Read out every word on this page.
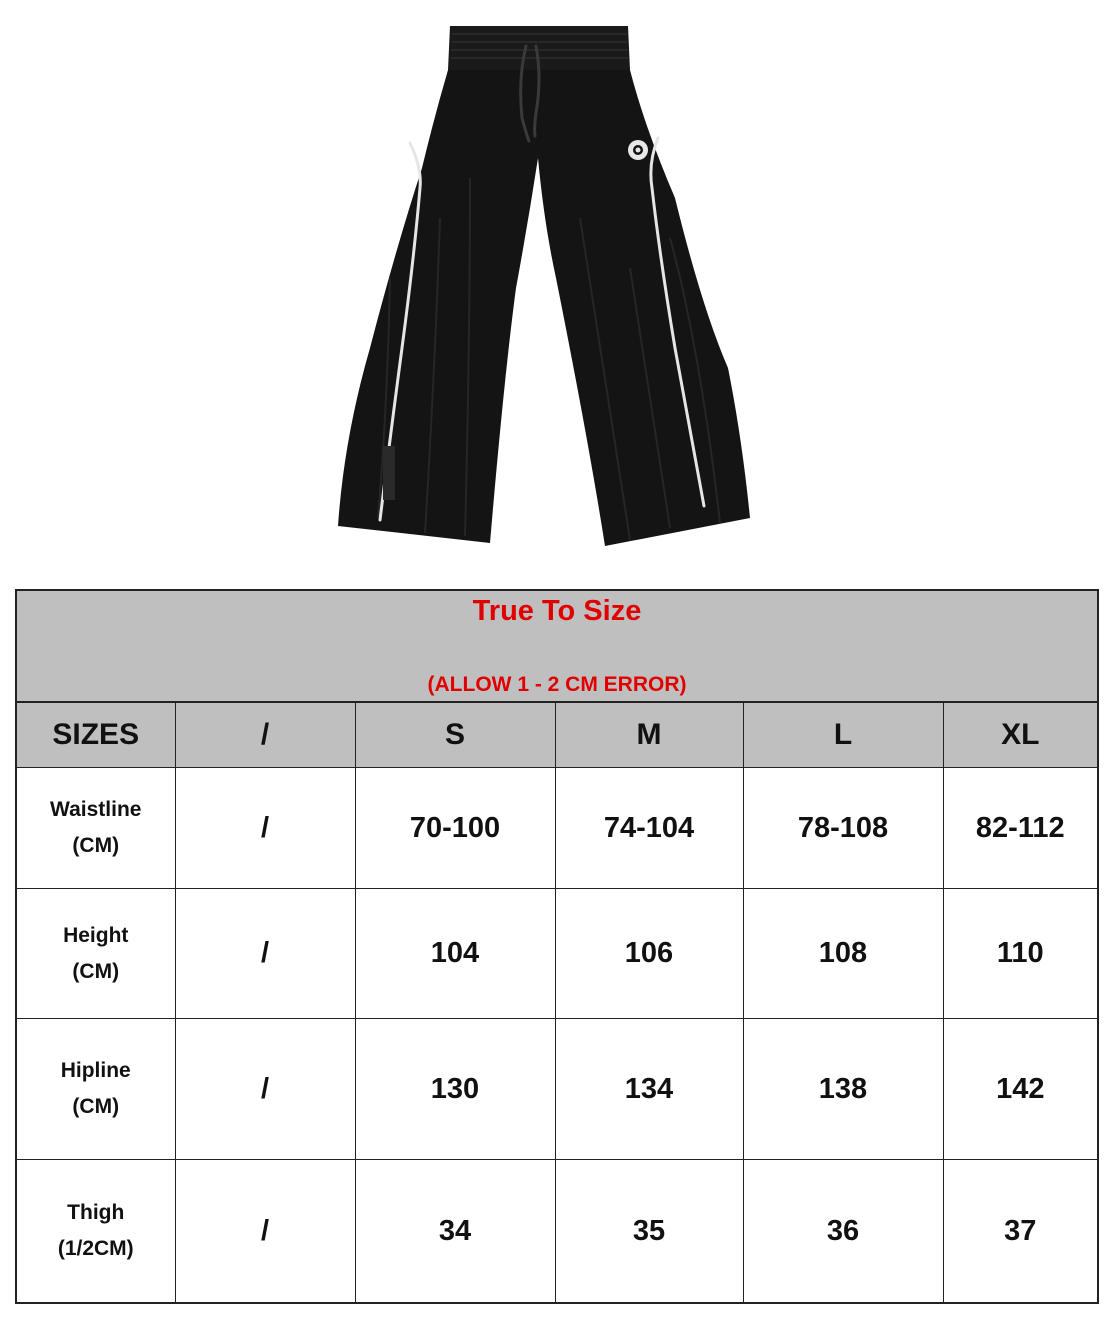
True To Size
(ALLOW 1 - 2 CM ERROR)					

SIZES	/	S	M	L	XL

Waistline
(CM)	/	70-100	74-104	78-108	82-112

Height
(CM)	/	104	106	108	110

Hipline
(CM)	/	130	134	138	142

Thigh
(1/2CM)	/	34	35	36	37
